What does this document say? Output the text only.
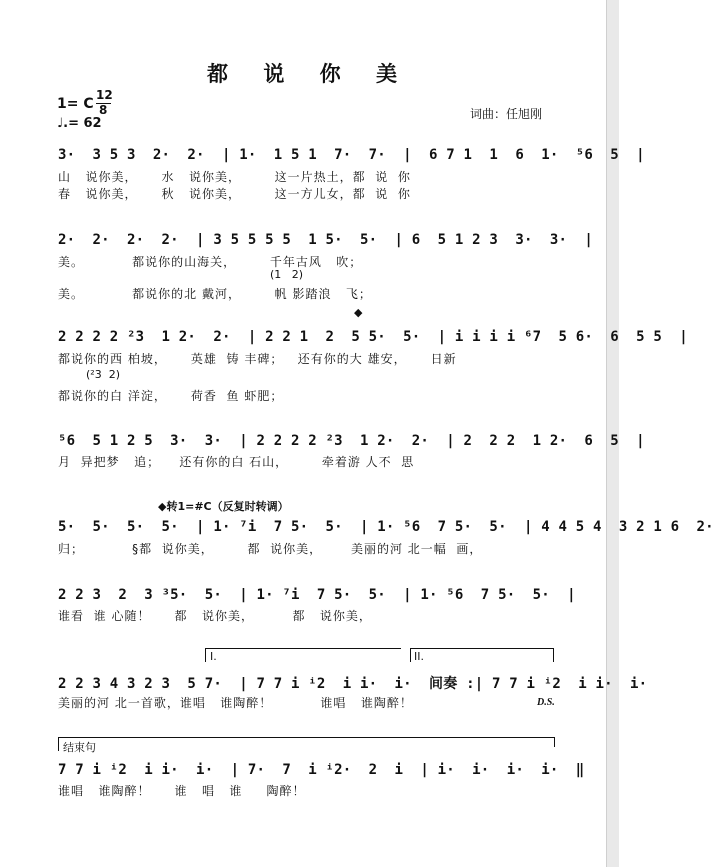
都 说 你 美
1= C
12
8
♩.= 62
词曲：任旭刚
3·  3 5 3  2·  2·  | 1·  1 5 1  7·  7·  |  6 7 1  1  6  1·  ⁵6  5  |
山   说你美，     水   说你美，       这一片热土，都  说  你
春   说你美，     秋   说你美，       这一方儿女，都  说  你
2·  2·  2·  2·  | 3 5 5 5 5  1 5·  5·  | 6  5 1 2 3  3·  3·  |
美。          都说你的山海关，       千年古风   吹；
(1   2)
美。          都说你的北 戴河，       帆 影踏浪   飞；
◆
2 2 2 2 ²3  1 2·  2·  | 2 2 1  2  5 5·  5·  | i i i i ⁶7  5 6·  6  5 5  |
都说你的西 柏坡，     英雄  铸 丰碑；   还有你的大 雄安，     日新
(²3  2)
都说你的白 洋淀，     荷香  鱼 虾肥；
⁵6  5 1 2 5  3·  3·  | 2 2 2 2 ²3  1 2·  2·  | 2  2 2  1 2·  6  5  |
月  异把梦   追；    还有你的白 石山，       牵着游 人不  思
◆转1=#C（反复时转调）
5·  5·  5·  5·  | 1· ⁷i  7 5·  5·  | 1· ⁵6  7 5·  5·  | 4 4 5 4  3 2 1 6  2·
归；          §都  说你美，       都  说你美，      美丽的河 北一幅  画，
2 2 3  2  3 ³5·  5·  | 1· ⁷i  7 5·  5·  | 1· ⁵6  7 5·  5·  |
谁看  谁 心随！     都   说你美，        都   说你美，
I.	II.
2 2 3 4 3 2 3  5 7·  | 7 7 i ⁱ2  i i·  i·  间奏 :| 7 7 i ⁱ2  i i·  i·
美丽的河 北一首歌，谁唱   谁陶醉！          谁唱   谁陶醉！	D.S.
结束句
7 7 i ⁱ2  i i·  i·  | 7·  7  i ⁱ2·  2  i  | i·  i·  i·  i·  ‖
谁唱   谁陶醉！     谁   唱   谁     陶醉！
